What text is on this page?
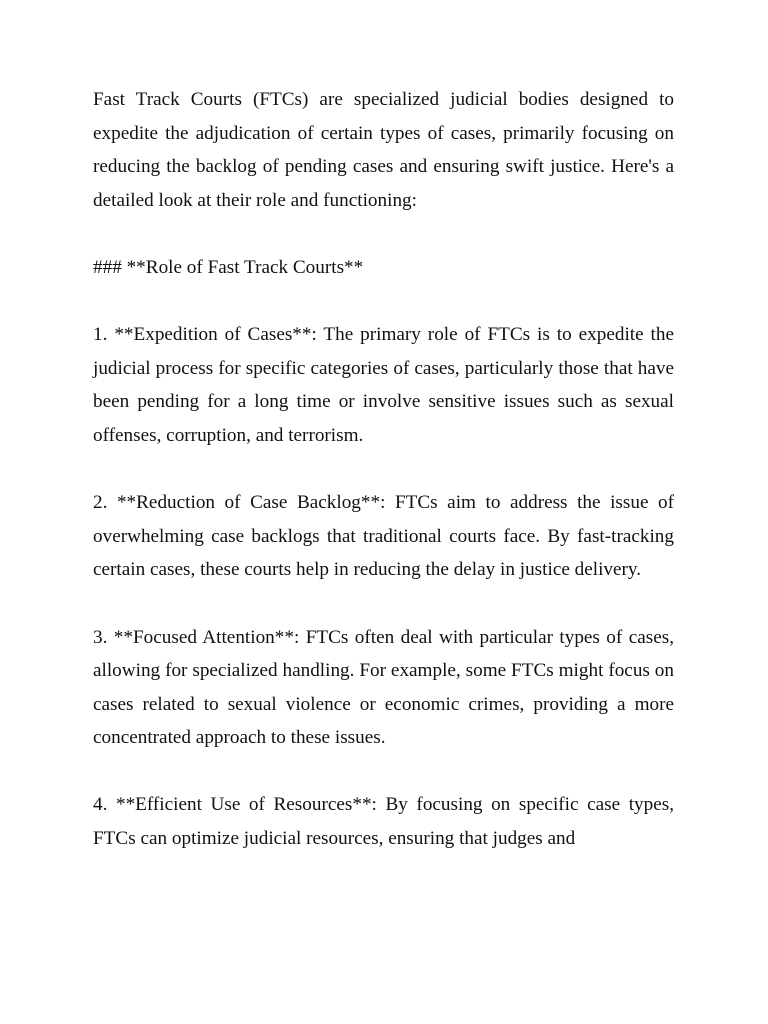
Fast Track Courts (FTCs) are specialized judicial bodies designed to expedite the adjudication of certain types of cases, primarily focusing on reducing the backlog of pending cases and ensuring swift justice. Here's a detailed look at their role and functioning:

### **Role of Fast Track Courts**

1. **Expedition of Cases**: The primary role of FTCs is to expedite the judicial process for specific categories of cases, particularly those that have been pending for a long time or involve sensitive issues such as sexual offenses, corruption, and terrorism.

2. **Reduction of Case Backlog**: FTCs aim to address the issue of overwhelming case backlogs that traditional courts face. By fast-tracking certain cases, these courts help in reducing the delay in justice delivery.

3. **Focused Attention**: FTCs often deal with particular types of cases, allowing for specialized handling. For example, some FTCs might focus on cases related to sexual violence or economic crimes, providing a more concentrated approach to these issues.

4. **Efficient Use of Resources**: By focusing on specific case types, FTCs can optimize judicial resources, ensuring that judges and
